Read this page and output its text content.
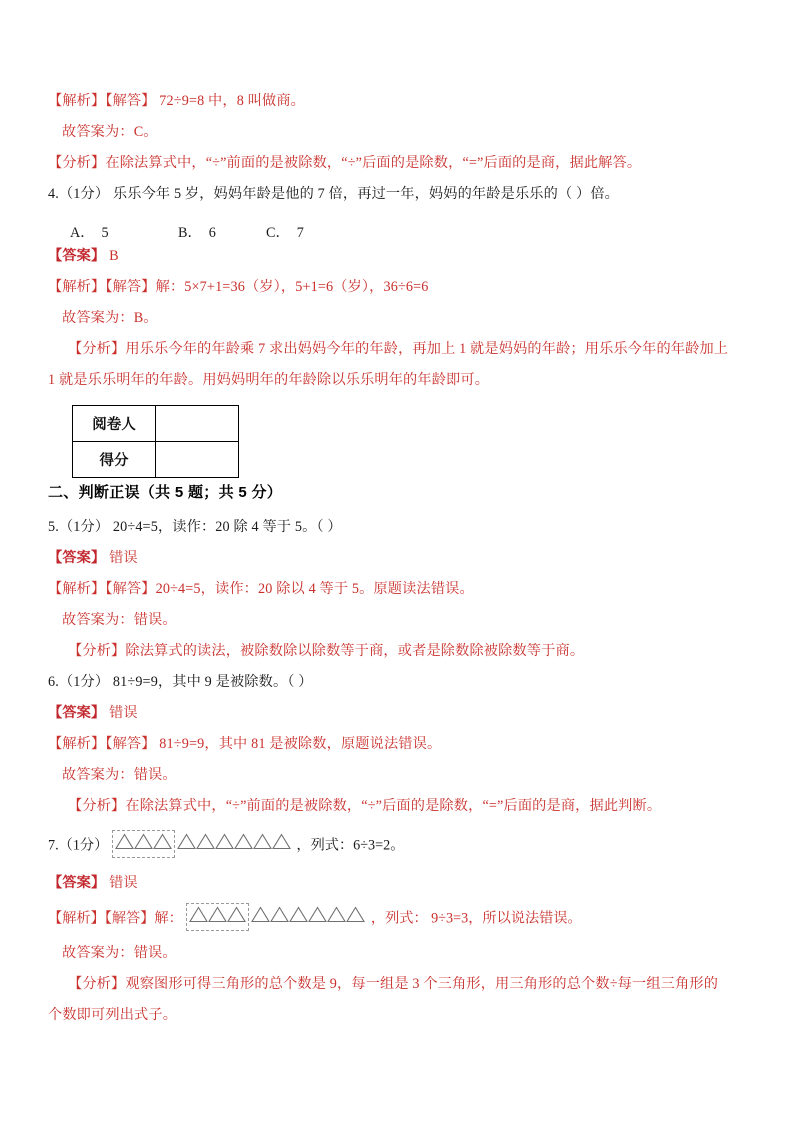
【解析】【解答】 72÷9=8 中，8 叫做商。
故答案为：C。
【分析】在除法算式中，“÷”前面的是被除数，“÷”后面的是除数，“=”后面的是商，据此解答。
4.（1分） 乐乐今年 5 岁，妈妈年龄是他的 7 倍，再过一年，妈妈的年龄是乐乐的（ ）倍。

【答案】 B
【解析】【解答】解：5×7+1=36（岁），5+1=6（岁），36÷6=6
故答案为：B。
【分析】用乐乐今年的年龄乘 7 求出妈妈今年的年龄，再加上 1 就是妈妈的年龄；用乐乐今年的年龄加上
1 就是乐乐明年的年龄。用妈妈明年的年龄除以乐乐明年的年龄即可。
A． 5	B． 6	C． 7
阅卷人	
得分	
二、判断正误（共 5 题；共 5 分）
5.（1分） 20÷4=5，读作：20 除 4 等于 5。（ ）
【答案】 错误
【解析】【解答】20÷4=5，读作：20 除以 4 等于 5。原题读法错误。
故答案为：错误。
【分析】除法算式的读法，被除数除以除数等于商，或者是除数除被除数等于商。
6.（1分） 81÷9=9，其中 9 是被除数。（ ）
【答案】 错误
【解析】【解答】 81÷9=9，其中 81 是被除数，原题说法错误。
故答案为：错误。
【分析】在除法算式中，“÷”前面的是被除数，“÷”后面的是除数，“=”后面的是商，据此判断。
7.（1分）	，列式：6÷3=2。
【答案】 错误
【解析】【解答】解：	，列式： 9÷3=3，所以说法错误。
故答案为：错误。
【分析】观察图形可得三角形的总个数是 9，每一组是 3 个三角形，用三角形的总个数÷每一组三角形的
个数即可列出式子。
